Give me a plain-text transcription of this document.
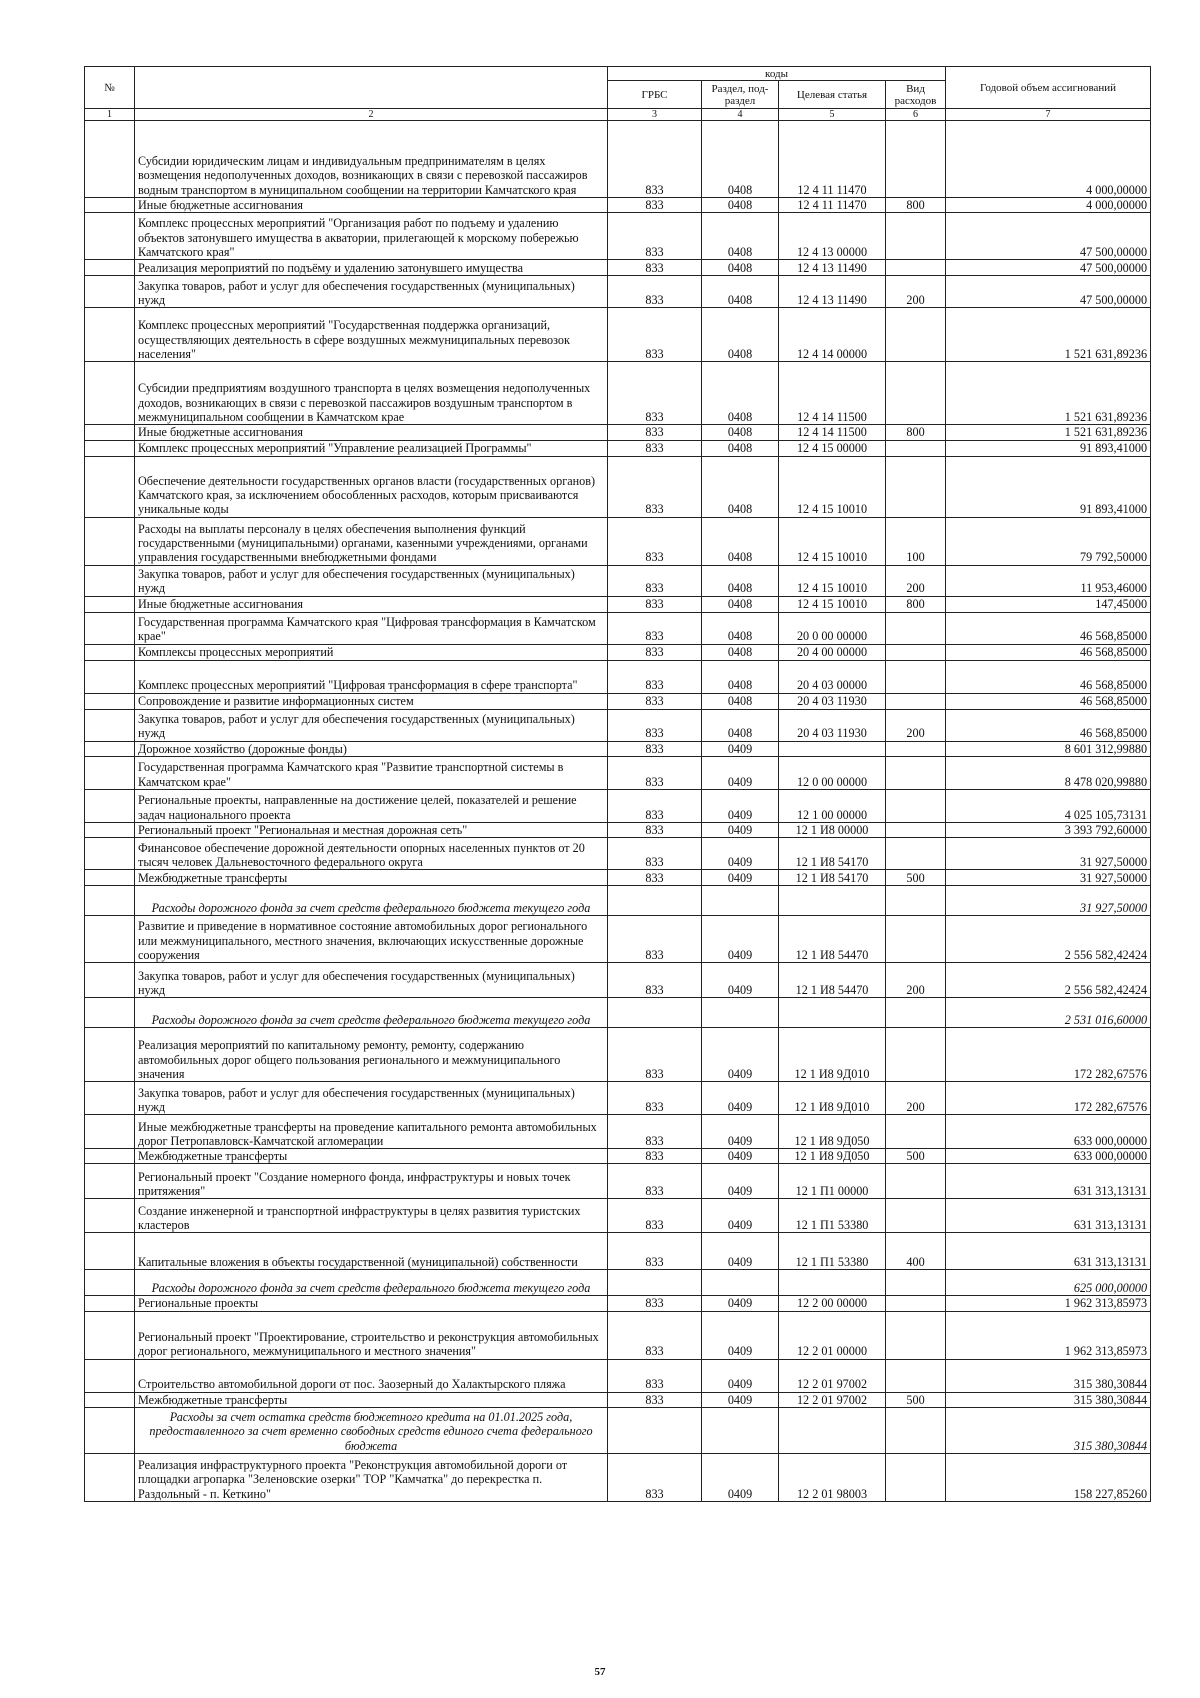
№		коды				Годовой объем ассигнований
		ГРБС	Раздел, под-раздел	Целевая статья	Вид расходов	
1	2	3	4	5	6	7
	Субсидии юридическим лицам и индивидуальным предпринимателям в целях возмещения недополученных доходов, возникающих в связи с перевозкой пассажиров водным транспортом в муниципальном сообщении на территории Камчатского края	833	0408	12 4 11 11470		4 000,00000
	Иные бюджетные ассигнования	833	0408	12 4 11 11470	800	4 000,00000
	Комплекс процессных мероприятий "Организация работ по подъему и удалению объектов затонувшего имущества в акватории, прилегающей к морскому побережью Камчатского края"	833	0408	12 4 13 00000		47 500,00000
	Реализация мероприятий по подъёму и удалению затонувшего имущества	833	0408	12 4 13 11490		47 500,00000
	Закупка товаров, работ и услуг для обеспечения государственных (муниципальных) нужд	833	0408	12 4 13 11490	200	47 500,00000
	Комплекс процессных мероприятий "Государственная поддержка организаций, осуществляющих деятельность в сфере воздушных межмуниципальных перевозок населения"	833	0408	12 4 14 00000		1 521 631,89236
	Субсидии предприятиям воздушного транспорта в целях возмещения недополученных доходов, возникающих в связи с перевозкой пассажиров воздушным транспортом в межмуниципальном сообщении в Камчатском крае	833	0408	12 4 14 11500		1 521 631,89236
	Иные бюджетные ассигнования	833	0408	12 4 14 11500	800	1 521 631,89236
	Комплекс процессных мероприятий "Управление реализацией Программы"	833	0408	12 4 15 00000		91 893,41000
	Обеспечение деятельности государственных органов власти (государственных органов) Камчатского края, за исключением обособленных расходов, которым присваиваются уникальные коды	833	0408	12 4 15 10010		91 893,41000
	Расходы на выплаты персоналу в целях обеспечения выполнения функций государственными (муниципальными) органами, казенными учреждениями, органами управления государственными внебюджетными фондами	833	0408	12 4 15 10010	100	79 792,50000
	Закупка товаров, работ и услуг для обеспечения государственных (муниципальных) нужд	833	0408	12 4 15 10010	200	11 953,46000
	Иные бюджетные ассигнования	833	0408	12 4 15 10010	800	147,45000
	Государственная программа Камчатского края "Цифровая трансформация в Камчатском крае"	833	0408	20 0 00 00000		46 568,85000
	Комплексы процессных мероприятий	833	0408	20 4 00 00000		46 568,85000
	Комплекс процессных мероприятий "Цифровая трансформация в сфере транспорта"	833	0408	20 4 03 00000		46 568,85000
	Сопровождение и развитие информационных систем	833	0408	20 4 03 11930		46 568,85000
	Закупка товаров, работ и услуг для обеспечения государственных (муниципальных) нужд	833	0408	20 4 03 11930	200	46 568,85000
	Дорожное хозяйство (дорожные фонды)	833	0409			8 601 312,99880
	Государственная программа Камчатского края "Развитие транспортной системы в Камчатском крае"	833	0409	12 0 00 00000		8 478 020,99880
	Региональные проекты, направленные на достижение целей, показателей и решение задач национального проекта	833	0409	12 1 00 00000		4 025 105,73131
	Региональный проект "Региональная и местная дорожная сеть"	833	0409	12 1 И8 00000		3 393 792,60000
	Финансовое обеспечение дорожной деятельности опорных населенных пунктов от 20 тысяч человек Дальневосточного федерального округа	833	0409	12 1 И8 54170		31 927,50000
	Межбюджетные трансферты	833	0409	12 1 И8 54170	500	31 927,50000
	Расходы дорожного фонда за счет средств федерального бюджета текущего года					31 927,50000
	Развитие и приведение в нормативное состояние автомобильных дорог регионального или межмуниципального, местного значения, включающих искусственные дорожные сооружения	833	0409	12 1 И8 54470		2 556 582,42424
	Закупка товаров, работ и услуг для обеспечения государственных (муниципальных) нужд	833	0409	12 1 И8 54470	200	2 556 582,42424
	Расходы дорожного фонда за счет средств федерального бюджета текущего года					2 531 016,60000
	Реализация мероприятий по капитальному ремонту, ремонту, содержанию автомобильных дорог общего пользования регионального и межмуниципального значения	833	0409	12 1 И8 9Д010		172 282,67576
	Закупка товаров, работ и услуг для обеспечения государственных (муниципальных) нужд	833	0409	12 1 И8 9Д010	200	172 282,67576
	Иные межбюджетные трансферты на проведение капитального ремонта автомобильных дорог Петропавловск-Камчатской агломерации	833	0409	12 1 И8 9Д050		633 000,00000
	Межбюджетные трансферты	833	0409	12 1 И8 9Д050	500	633 000,00000
	Региональный проект "Создание номерного фонда, инфраструктуры и новых точек притяжения"	833	0409	12 1 П1 00000		631 313,13131
	Создание инженерной и транспортной инфраструктуры в целях развития туристских кластеров	833	0409	12 1 П1 53380		631 313,13131
	Капитальные вложения в объекты государственной (муниципальной) собственности	833	0409	12 1 П1 53380	400	631 313,13131
	Расходы дорожного фонда за счет средств федерального бюджета текущего года					625 000,00000
	Региональные проекты	833	0409	12 2 00 00000		1 962 313,85973
	Региональный проект "Проектирование, строительство и реконструкция автомобильных дорог регионального, межмуниципального и местного значения"	833	0409	12 2 01 00000		1 962 313,85973
	Строительство автомобильной дороги от пос. Заозерный до Халактырского пляжа	833	0409	12 2 01 97002		315 380,30844
	Межбюджетные трансферты	833	0409	12 2 01 97002	500	315 380,30844
	Расходы за счет остатка средств бюджетного кредита на 01.01.2025 года, предоставленного за счет временно свободных средств единого счета федерального бюджета					315 380,30844
	Реализация инфраструктурного проекта "Реконструкция автомобильной дороги от площадки агропарка "Зеленовские озерки" ТОР "Камчатка" до перекрестка п. Раздольный - п. Кеткино"	833	0409	12 2 01 98003		158 227,85260
57
